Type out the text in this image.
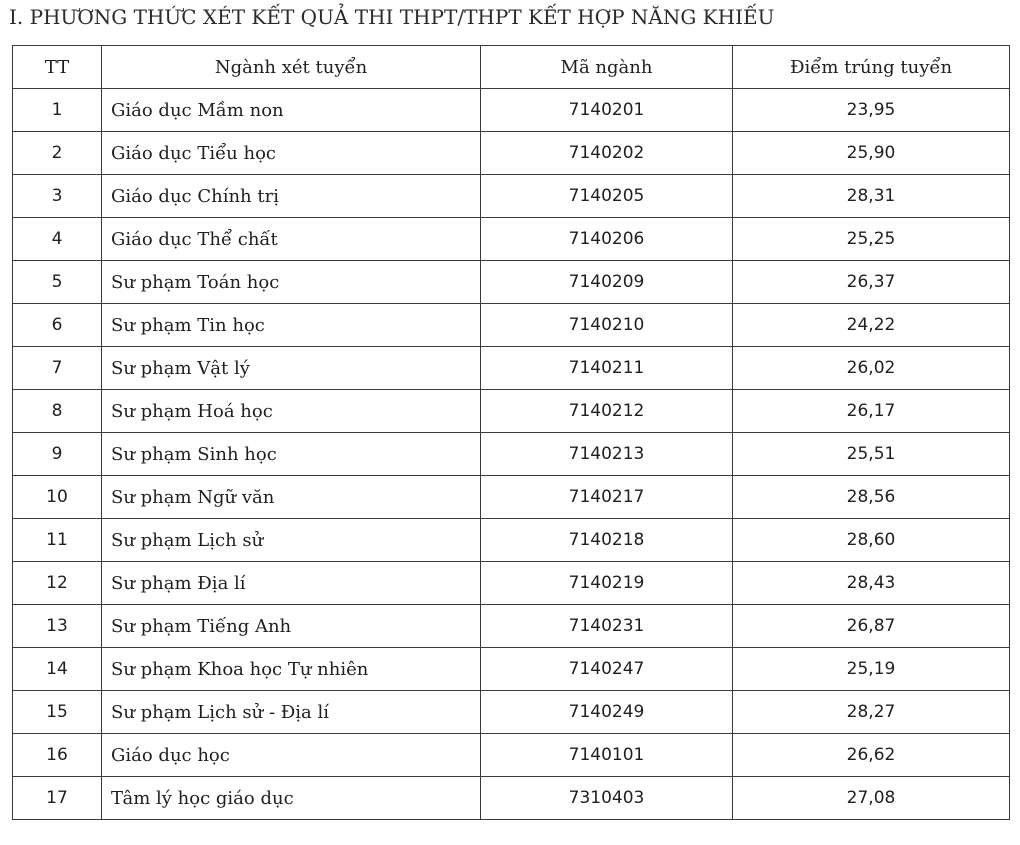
I. PHƯƠNG THỨC XÉT KẾT QUẢ THI THPT/THPT KẾT HỢP NĂNG KHIẾU
TT	Ngành xét tuyển	Mã ngành	Điểm trúng tuyển
1	Giáo dục Mầm non	7140201	23,95
2	Giáo dục Tiểu học	7140202	25,90
3	Giáo dục Chính trị	7140205	28,31
4	Giáo dục Thể chất	7140206	25,25
5	Sư phạm Toán học	7140209	26,37
6	Sư phạm Tin học	7140210	24,22
7	Sư phạm Vật lý	7140211	26,02
8	Sư phạm Hoá học	7140212	26,17
9	Sư phạm Sinh học	7140213	25,51
10	Sư phạm Ngữ văn	7140217	28,56
11	Sư phạm Lịch sử	7140218	28,60
12	Sư phạm Địa lí	7140219	28,43
13	Sư phạm Tiếng Anh	7140231	26,87
14	Sư phạm Khoa học Tự nhiên	7140247	25,19
15	Sư phạm Lịch sử - Địa lí	7140249	28,27
16	Giáo dục học	7140101	26,62
17	Tâm lý học giáo dục	7310403	27,08
